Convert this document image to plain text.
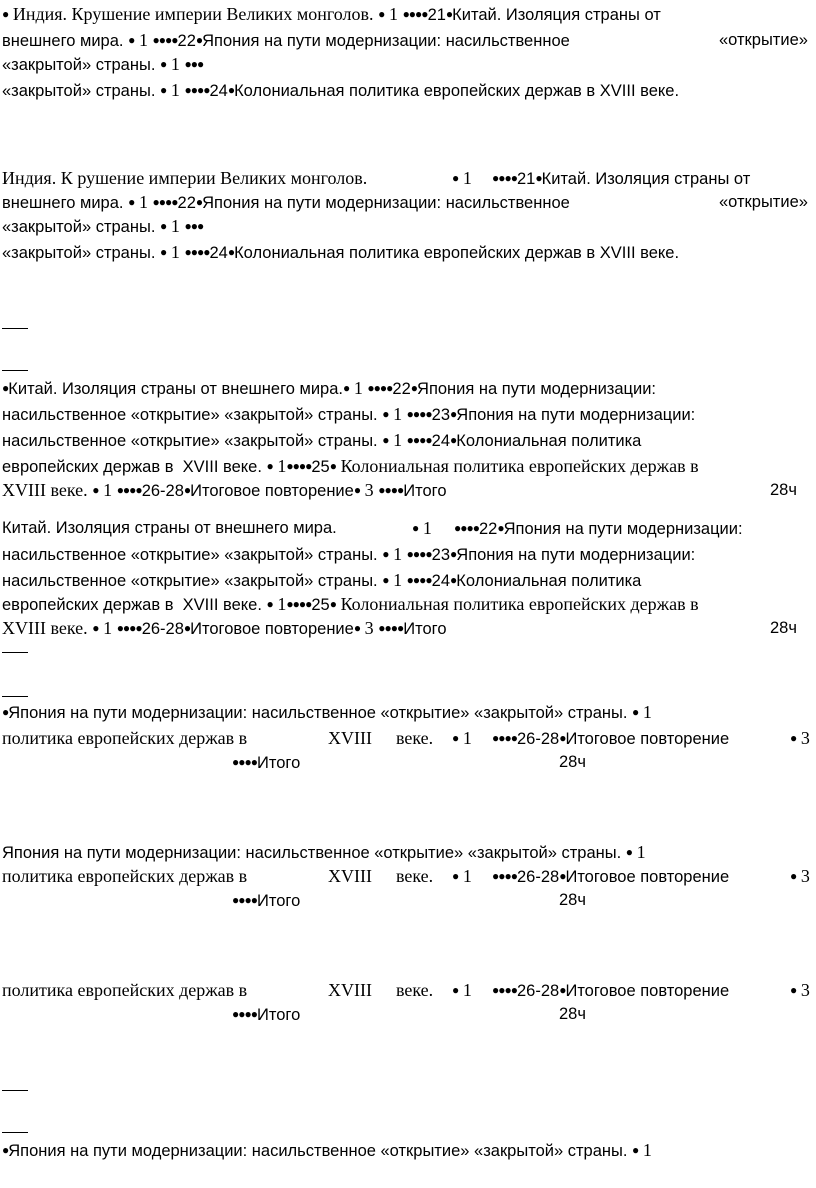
● Индия. Крушение империи Великих монголов. ● 1 ●●●●21●Китай. Изоляция страны от
внешнего мира. ● 1 ●●●●22●Япония на пути модернизации: насильственное	«открытие»
«закрытой» страны. ● 1 ●●●
«закрытой» страны. ● 1 ●●●●24●Колониальная политика европейских держав в XVIII веке.
Индия. К рушение империи Великих монголов.	● 1 ●●●●21●Китай. Изоляция страны от
внешнего мира. ● 1 ●●●●22●Япония на пути модернизации: насильственное	«открытие»
«закрытой» страны. ● 1 ●●●
«закрытой» страны. ● 1 ●●●●24●Колониальная политика европейских держав в XVIII веке.
●Китай. Изоляция страны от внешнего мира.● 1 ●●●●22●Япония на пути модернизации:
насильственное «открытие» «закрытой» страны. ● 1 ●●●●23●Япония на пути модернизации:
насильственное «открытие» «закрытой» страны. ● 1 ●●●●24●Колониальная политика
европейских держав в XVIII веке. ● 1●●●●25● Колониальная политика европейских держав в
XVIII веке. ● 1 ●●●●26-28●Итоговое повторение● 3 ●●●●Итого	28ч
Китай. Изоляция страны от внешнего мира.	● 1 ●●●●22●Япония на пути модернизации:
насильственное «открытие» «закрытой» страны. ● 1 ●●●●23●Япония на пути модернизации:
насильственное «открытие» «закрытой» страны. ● 1 ●●●●24●Колониальная политика
европейских держав в XVIII веке. ● 1●●●●25● Колониальная политика европейских держав в
XVIII веке. ● 1 ●●●●26-28●Итоговое повторение● 3 ●●●●Итого	28ч
●Япония на пути модернизации: насильственное «открытие» «закрытой» страны. ● 1
политика европейских держав в	XVIII веке. ● 1 ●●●●26-28●Итоговое повторение	● 3
●●●●Итого	28ч
Япония на пути модернизации: насильственное «открытие» «закрытой» страны. ● 1
политика европейских держав в	XVIII веке. ● 1 ●●●●26-28●Итоговое повторение	● 3
●●●●Итого	28ч
политика европейских держав в	XVIII веке. ● 1 ●●●●26-28●Итоговое повторение	● 3
●●●●Итого	28ч
●Япония на пути модернизации: насильственное «открытие» «закрытой» страны. ● 1
